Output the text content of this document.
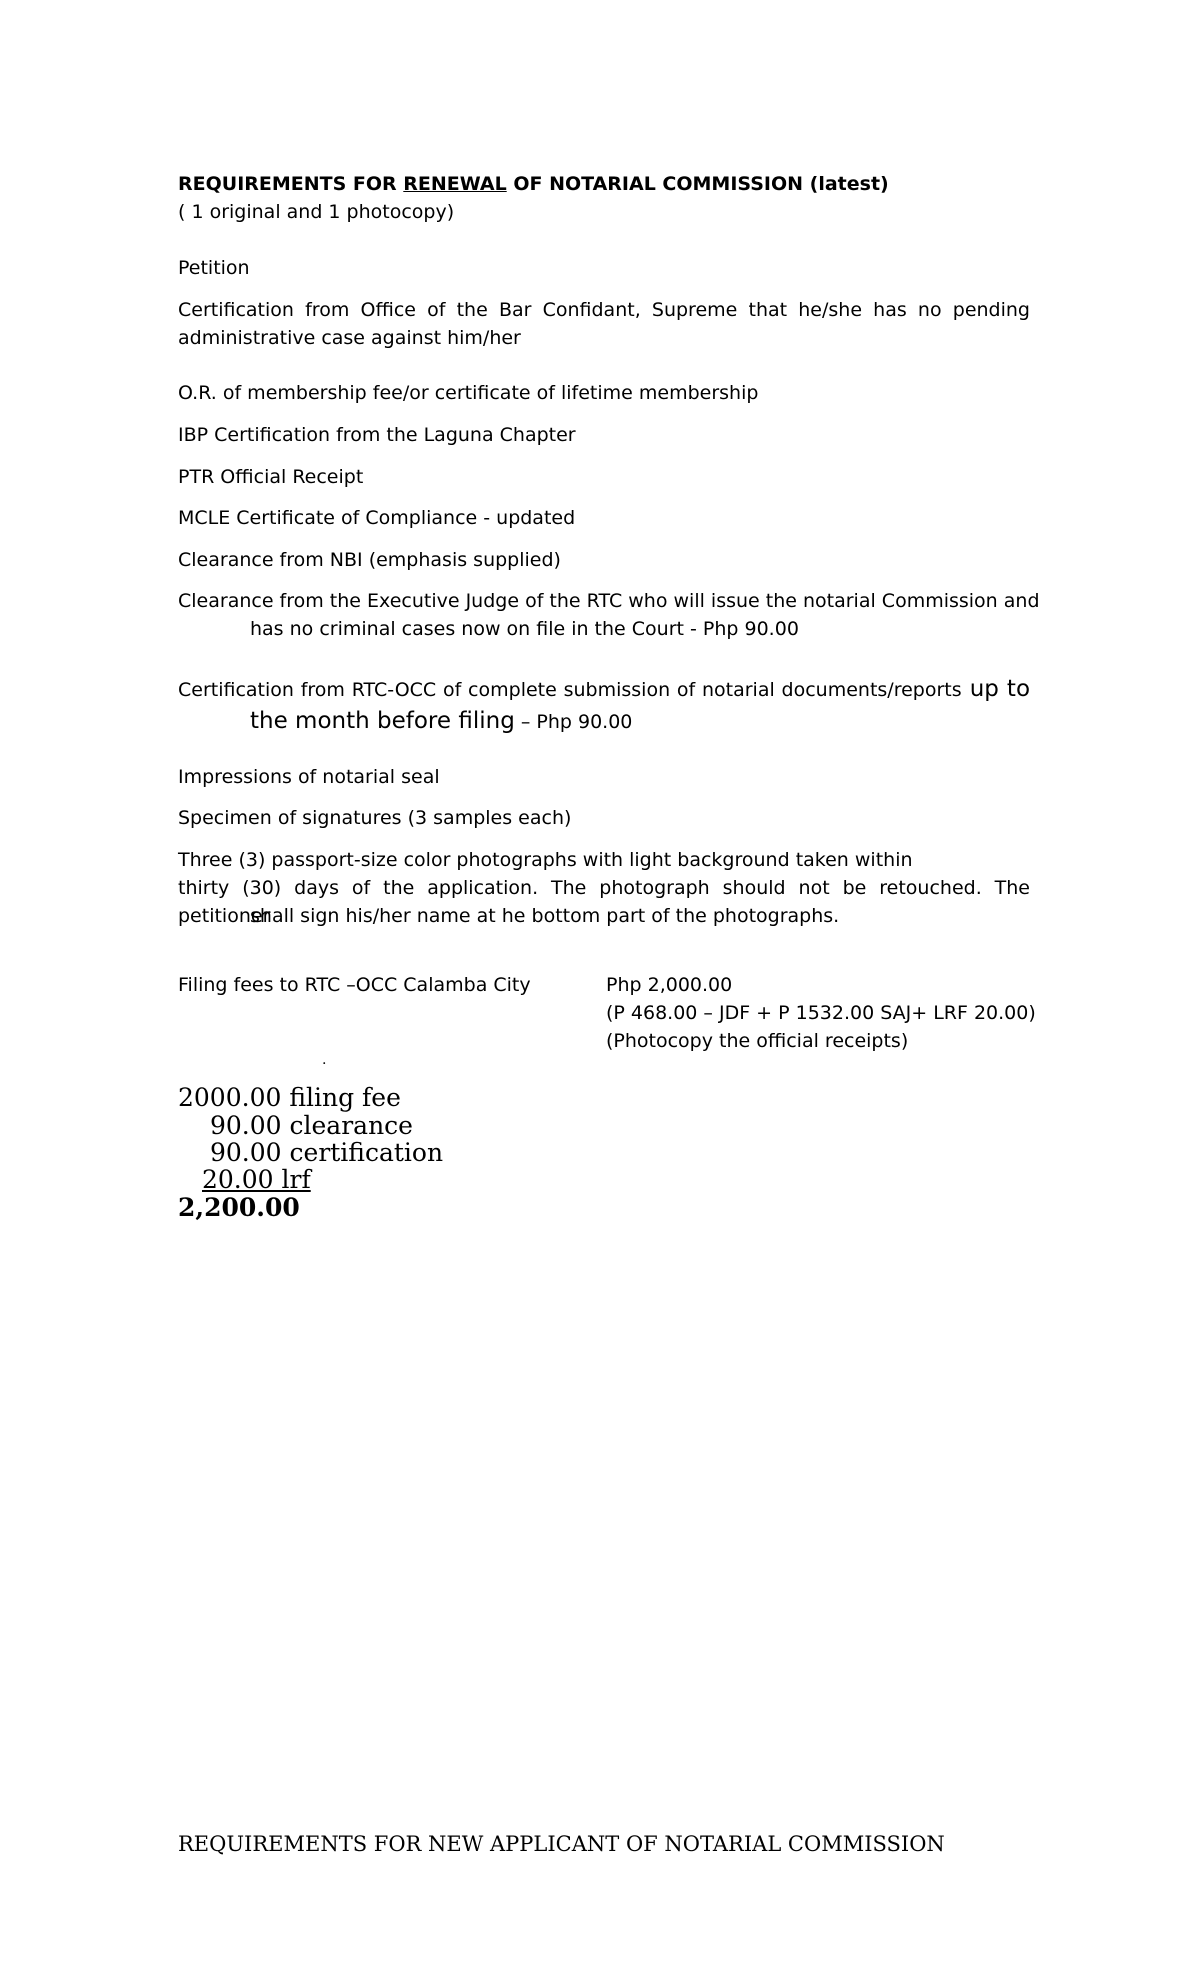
REQUIREMENTS FOR RENEWAL OF NOTARIAL COMMISSION (latest)
( 1 original and 1 photocopy)
Petition
Certification from Office of the Bar Confidant, Supreme that he/she has no pending
administrative case against him/her
O.R. of membership fee/or certificate of lifetime membership
IBP Certification from the Laguna Chapter
PTR Official Receipt
MCLE Certificate of Compliance - updated
Clearance from NBI (emphasis supplied)
Clearance from the Executive Judge of the RTC who will issue the notarial Commission and
has no criminal cases now on file in the Court - Php 90.00
Certification from RTC-OCC of complete submission of notarial documents/reports up to
the month before filing – Php 90.00
Impressions of notarial seal
Specimen of signatures (3 samples each)
Three (3) passport-size color photographs with light background taken within
thirty (30) days of the application. The photograph should not be retouched. The petitioner
shall sign his/her name at he bottom part of the photographs.
Filing fees to RTC –OCC Calamba City	Php 2,000.00
(P 468.00 – JDF + P 1532.00 SAJ+ LRF 20.00)
(Photocopy the official receipts)
.
2000.00 filing fee
90.00 clearance
90.00 certification
20.00 lrf
2,200.00
REQUIREMENTS FOR NEW APPLICANT OF NOTARIAL COMMISSION
